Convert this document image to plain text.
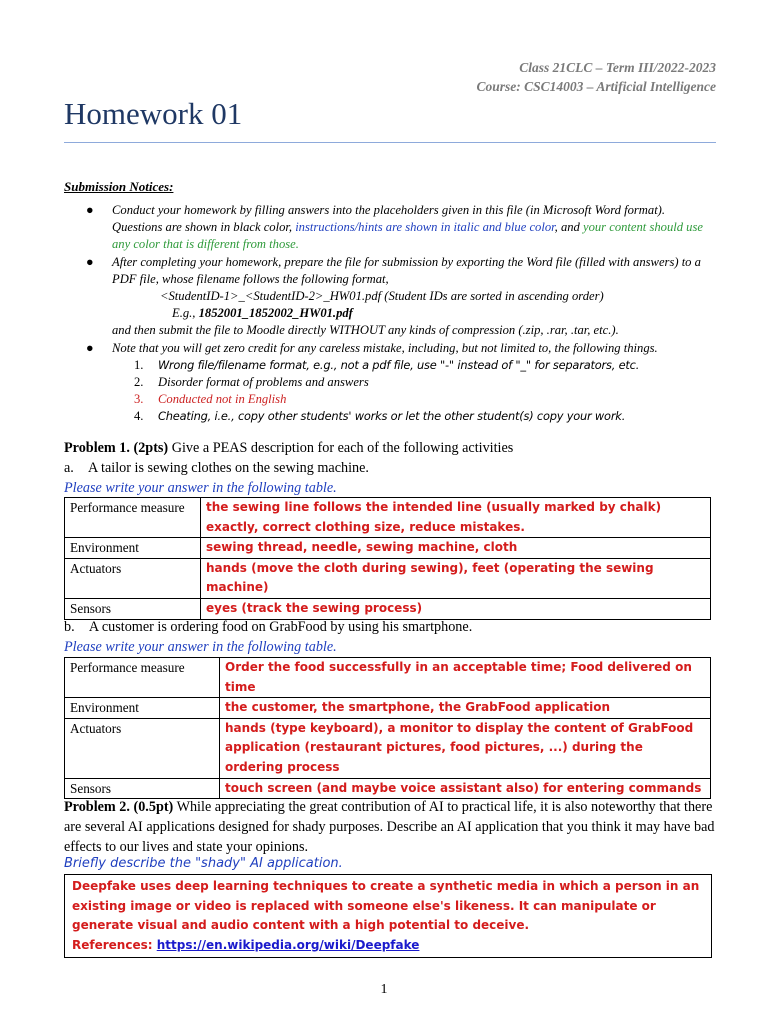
Class 21CLC – Term III/2022-2023
Course: CSC14003 – Artificial Intelligence
Homework 01
Submission Notices:
● Conduct your homework by filling answers into the placeholders given in this file (in Microsoft Word format). Questions are shown in black color, instructions/hints are shown in italic and blue color, and your content should use any color that is different from those.
● After completing your homework, prepare the file for submission by exporting the Word file (filled with answers) to a PDF file, whose filename follows the following format,
<StudentID-1>_<StudentID-2>_HW01.pdf (Student IDs are sorted in ascending order)
E.g., 1852001_1852002_HW01.pdf
and then submit the file to Moodle directly WITHOUT any kinds of compression (.zip, .rar, .tar, etc.).
● Note that you will get zero credit for any careless mistake, including, but not limited to, the following things.
1. Wrong file/filename format, e.g., not a pdf file, use "-" instead of "_" for separators, etc.
2. Disorder format of problems and answers
3. Conducted not in English
4. Cheating, i.e., copy other students' works or let the other student(s) copy your work.
Problem 1. (2pts) Give a PEAS description for each of the following activities
a. A tailor is sewing clothes on the sewing machine.
Please write your answer in the following table.
Performance measure	the sewing line follows the intended line (usually marked by chalk) exactly, correct clothing size, reduce mistakes.
Environment	sewing thread, needle, sewing machine, cloth
Actuators	hands (move the cloth during sewing), feet (operating the sewing machine)
Sensors	eyes (track the sewing process)
b. A customer is ordering food on GrabFood by using his smartphone.
Please write your answer in the following table.
Performance measure	Order the food successfully in an acceptable time; Food delivered on time
Environment	the customer, the smartphone, the GrabFood application
Actuators	hands (type keyboard), a monitor to display the content of GrabFood application (restaurant pictures, food pictures, ...) during the ordering process
Sensors	touch screen (and maybe voice assistant also) for entering commands
Problem 2. (0.5pt) While appreciating the great contribution of AI to practical life, it is also noteworthy that there are several AI applications designed for shady purposes. Describe an AI application that you think it may have bad effects to our lives and state your opinions.
Briefly describe the "shady" AI application.
Deepfake uses deep learning techniques to create a synthetic media in which a person in an existing image or video is replaced with someone else's likeness. It can manipulate or generate visual and audio content with a high potential to deceive.
References: https://en.wikipedia.org/wiki/Deepfake
1
